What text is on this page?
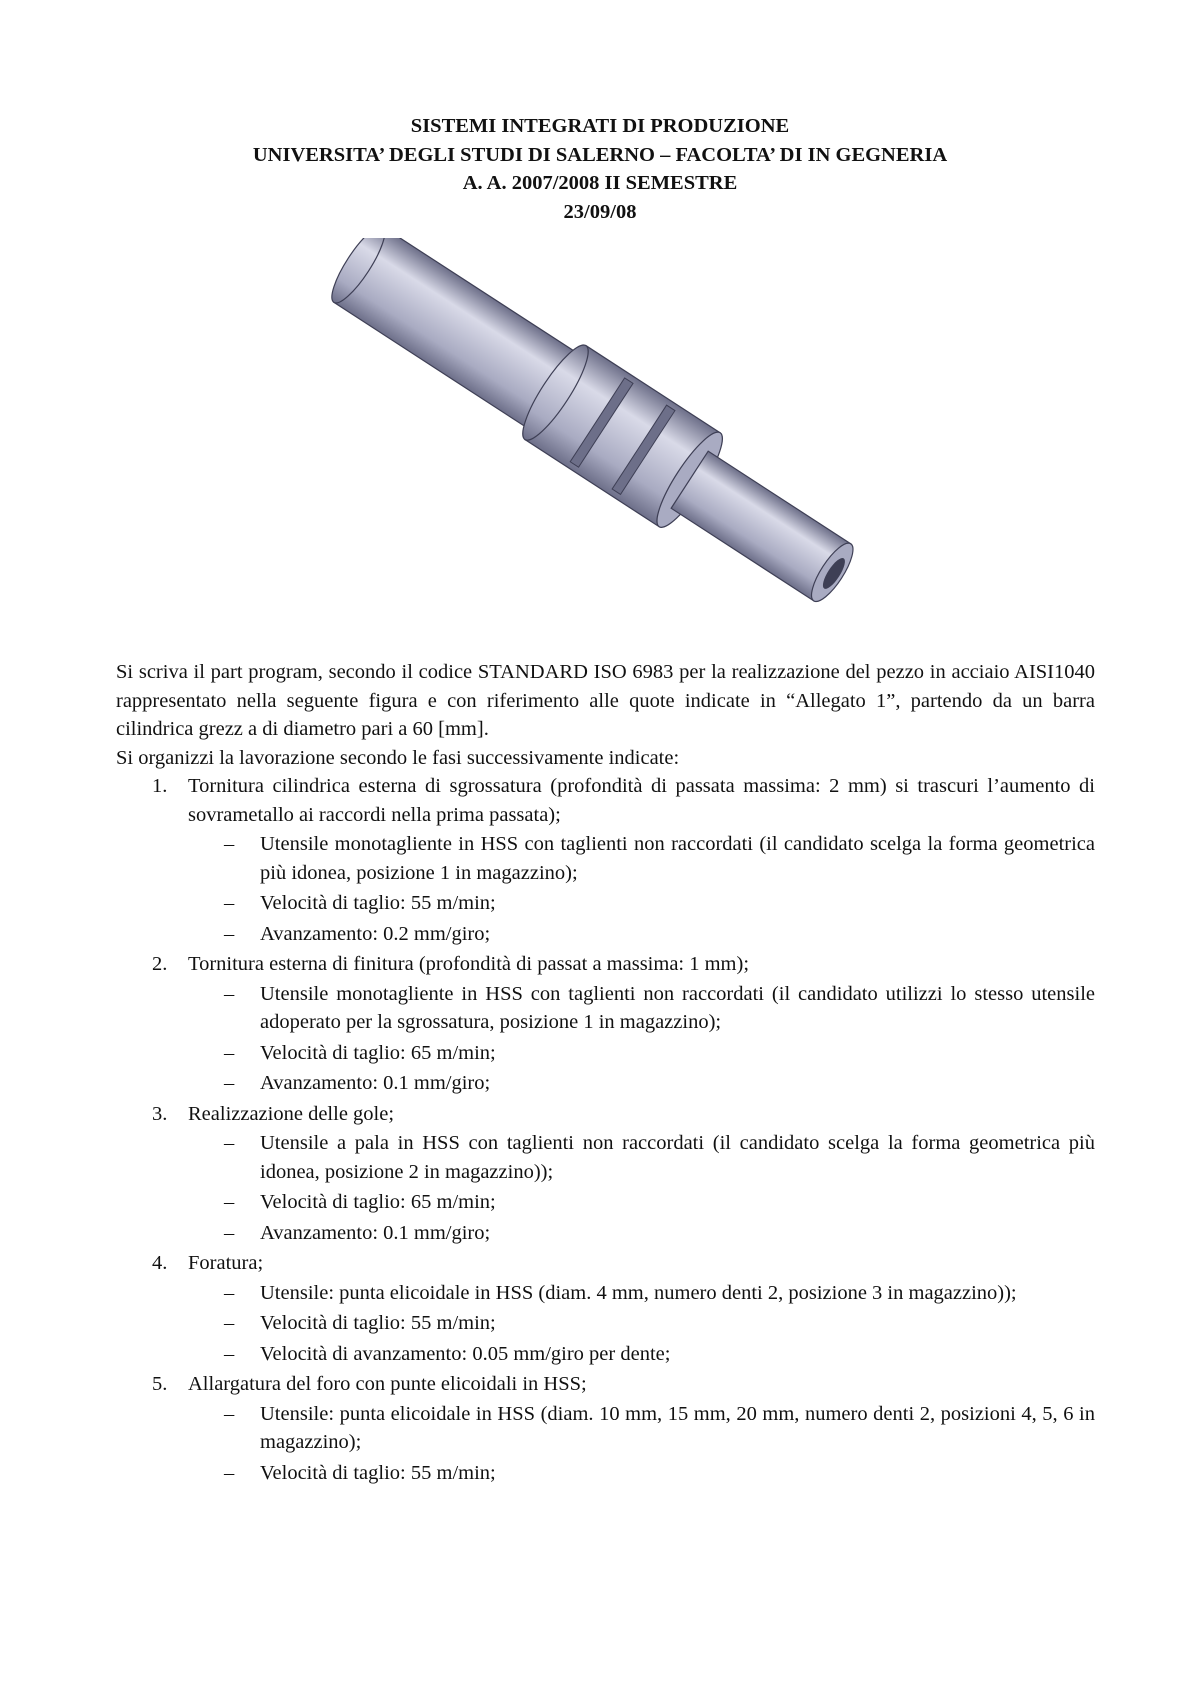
SISTEMI INTEGRATI DI PRODUZIONE
UNIVERSITA’ DEGLI STUDI DI SALERNO – FACOLTA’ DI IN GEGNERIA
A. A. 2007/2008 II SEMESTRE
23/09/08

Si scriva il part program, secondo il codice STANDARD ISO 6983 per la realizzazione del pezzo in acciaio AISI1040 rappresentato nella seguente figura e con riferimento alle quote indicate in “Allegato 1”, partendo da un barra cilindrica grezz a di diametro pari a 60 [mm].

Si organizzi la lavorazione secondo le fasi successivamente indicate:

1.	Tornitura cilindrica esterna di sgrossatura (profondità di passata massima: 2 mm) si trascuri l’aumento di sovrametallo ai raccordi nella prima passata);
– Utensile monotagliente in HSS con taglienti non raccordati (il candidato scelga la forma geometrica più idonea, posizione 1 in magazzino);
– Velocità di taglio: 55 m/min;
– Avanzamento: 0.2 mm/giro;
2.	Tornitura esterna di finitura (profondità di passat a massima: 1 mm);
– Utensile monotagliente in HSS con taglienti non raccordati (il candidato utilizzi lo stesso utensile adoperato per la sgrossatura, posizione 1 in magazzino);
– Velocità di taglio: 65 m/min;
– Avanzamento: 0.1 mm/giro;
3.	Realizzazione delle gole;
– Utensile a pala in HSS con taglienti non raccordati (il candidato scelga la forma geometrica più idonea, posizione 2 in magazzino));
– Velocità di taglio: 65 m/min;
– Avanzamento: 0.1 mm/giro;
4.	Foratura;
– Utensile: punta elicoidale in HSS (diam. 4 mm, numero denti 2, posizione 3 in magazzino));
– Velocità di taglio: 55 m/min;
– Velocità di avanzamento: 0.05 mm/giro per dente;
5.	Allargatura del foro con punte elicoidali in HSS;
– Utensile: punta elicoidale in HSS (diam. 10 mm, 15 mm, 20 mm, numero denti 2, posizioni 4, 5, 6 in magazzino);
– Velocità di taglio: 55 m/min;
